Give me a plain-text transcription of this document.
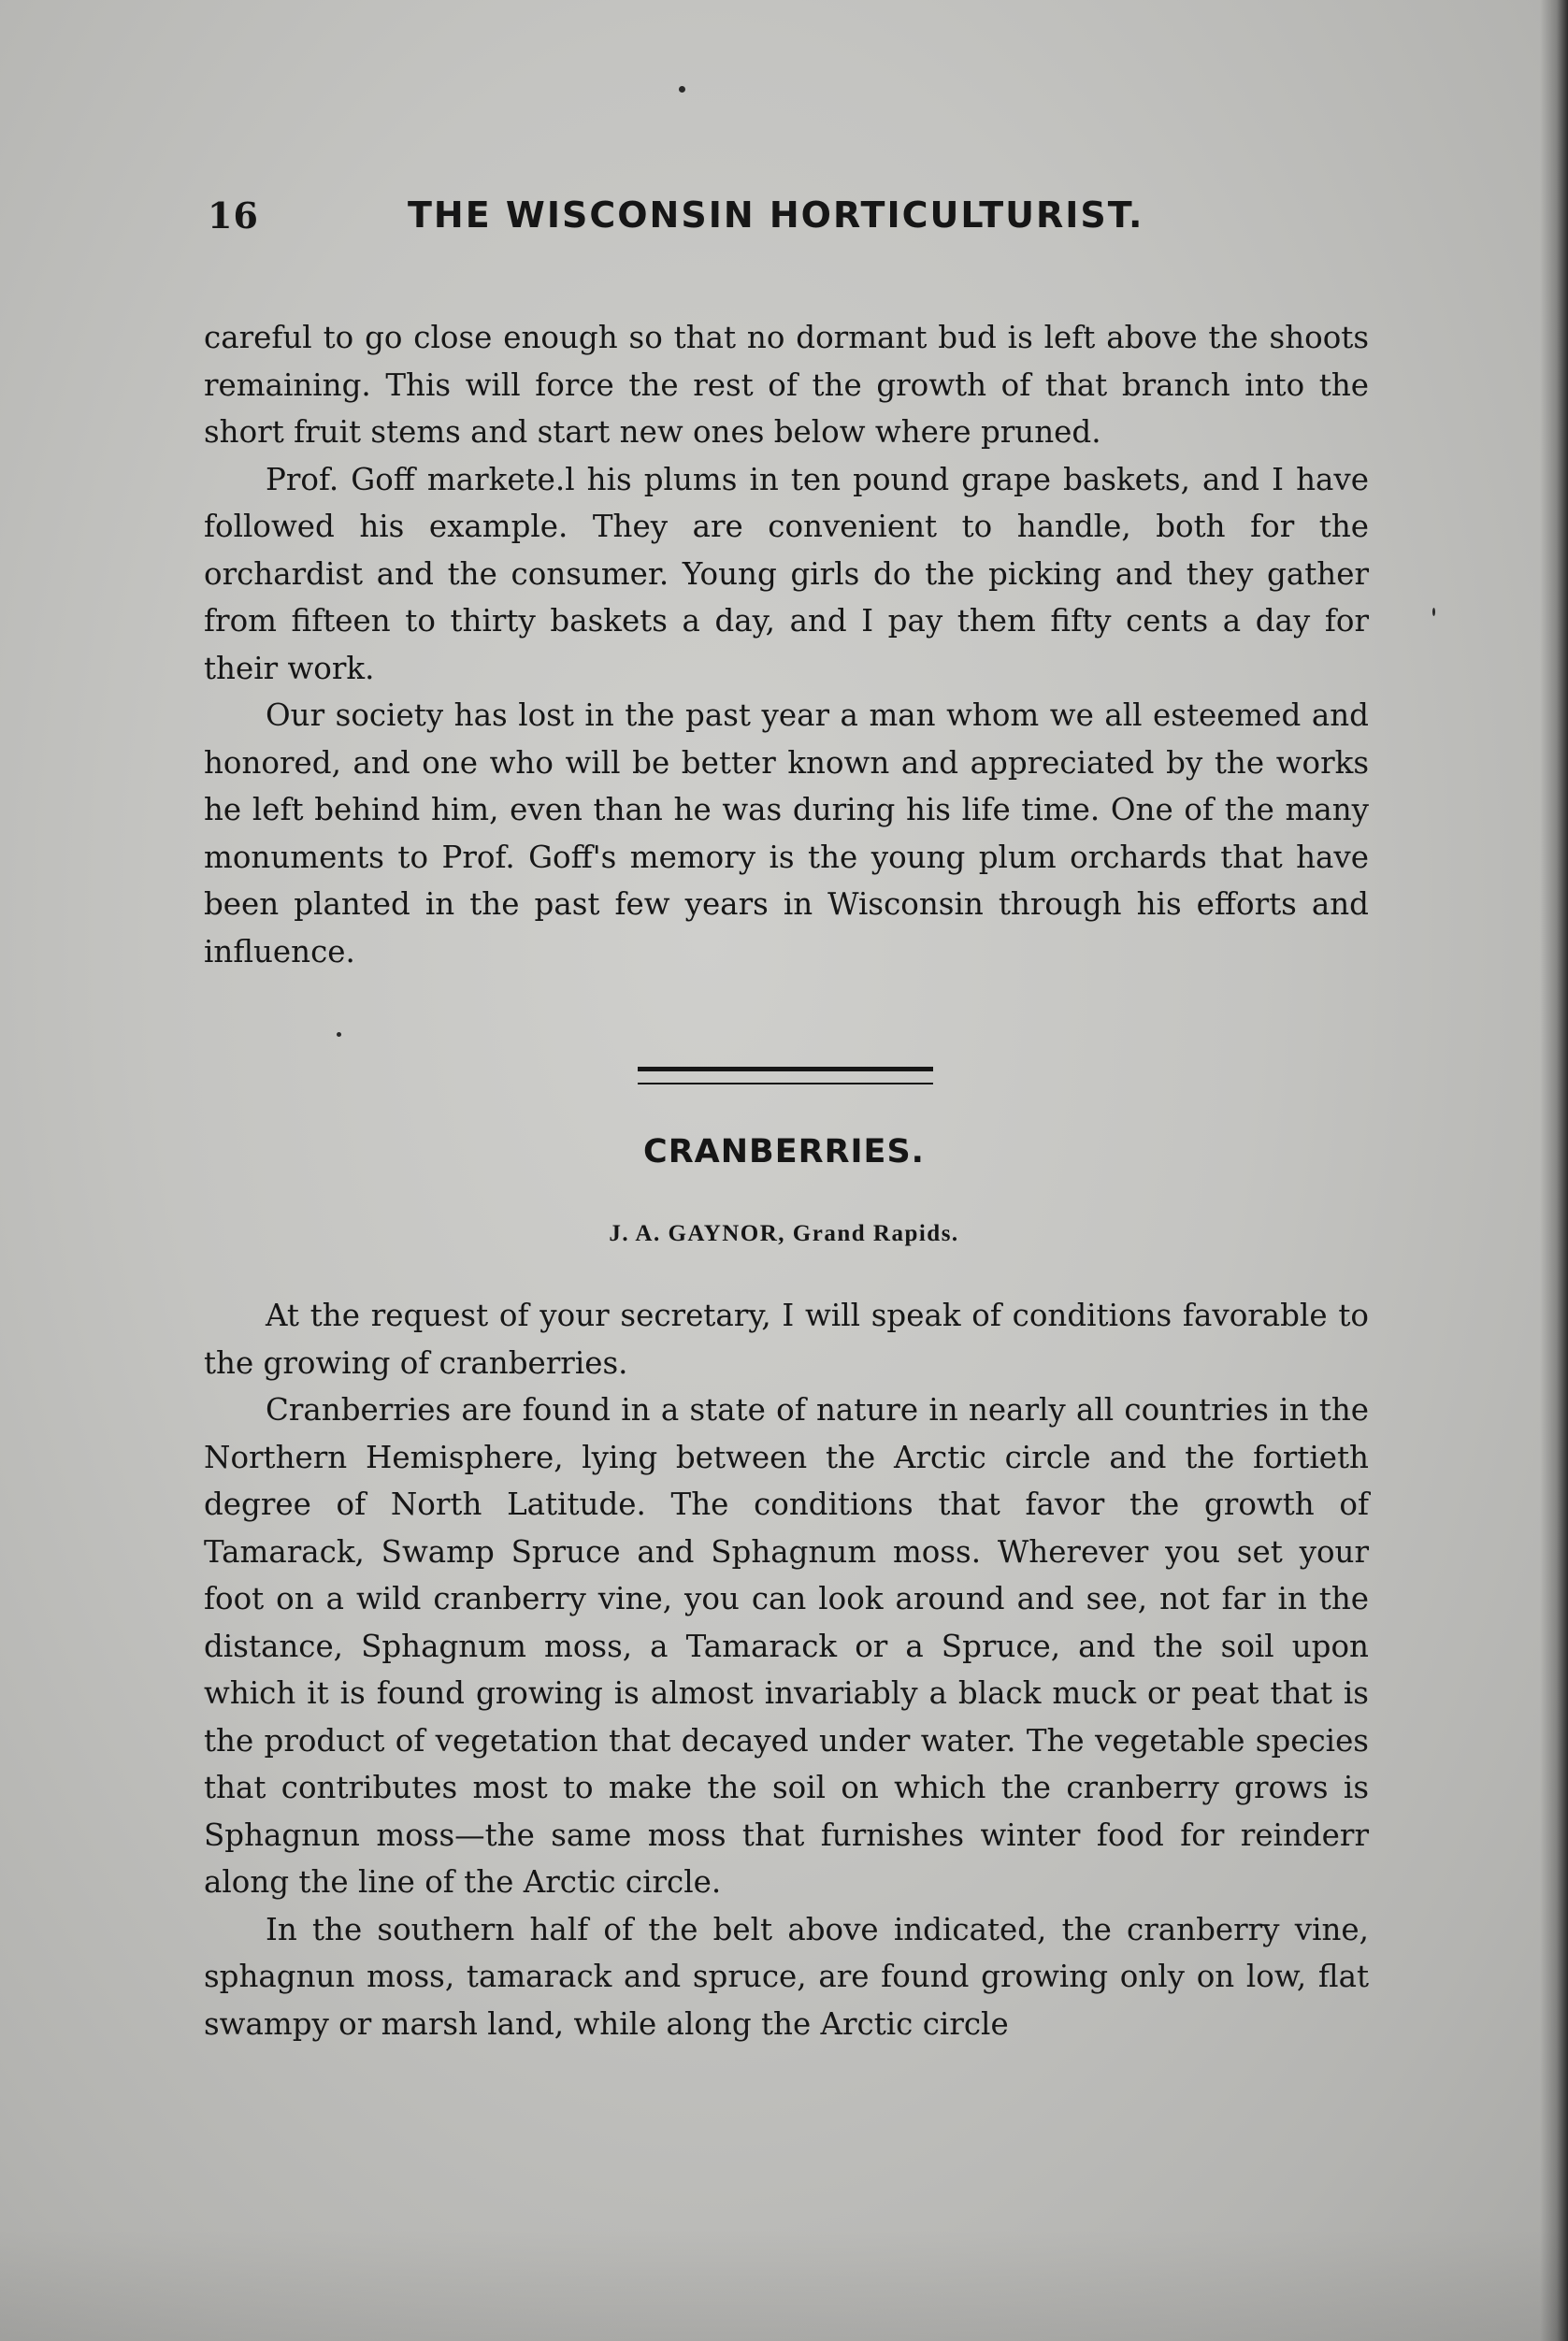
16	THE WISCONSIN HORTICULTURIST.

careful to go close enough so that no dormant bud is left above the shoots remaining. This will force the rest of the growth of that branch into the short fruit stems and start new ones below where pruned.

Prof. Goff markete.l his plums in ten pound grape baskets, and I have followed his example. They are convenient to handle, both for the orchardist and the consumer. Young girls do the picking and they gather from fifteen to thirty baskets a day, and I pay them fifty cents a day for their work.

Our society has lost in the past year a man whom we all esteemed and honored, and one who will be better known and appreciated by the works he left behind him, even than he was during his life time. One of the many monuments to Prof. Goff's memory is the young plum orchards that have been planted in the past few years in Wisconsin through his efforts and influence.

CRANBERRIES.
J. A. GAYNOR, Grand Rapids.

At the request of your secretary, I will speak of conditions favorable to the growing of cranberries.

Cranberries are found in a state of nature in nearly all countries in the Northern Hemisphere, lying between the Arctic circle and the fortieth degree of North Latitude. The conditions that favor the growth of Tamarack, Swamp Spruce and Sphagnum moss. Wherever you set your foot on a wild cranberry vine, you can look around and see, not far in the distance, Sphagnum moss, a Tamarack or a Spruce, and the soil upon which it is found growing is almost invariably a black muck or peat that is the product of vegetation that decayed under water. The vegetable species that contributes most to make the soil on which the cranberry grows is Sphagnun moss—the same moss that furnishes winter food for reinderr along the line of the Arctic circle.

In the southern half of the belt above indicated, the cranberry vine, sphagnun moss, tamarack and spruce, are found growing only on low, flat swampy or marsh land, while along the Arctic circle
